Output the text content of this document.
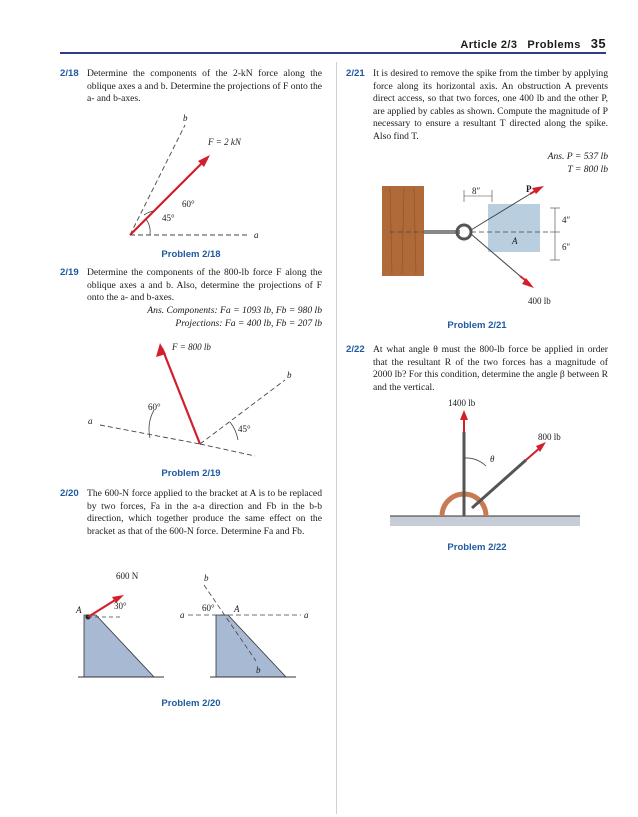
Article 2/3 Problems 35
2/18 Determine the components of the 2-kN force along the oblique axes a and b. Determine the projections of F onto the a- and b-axes.
b
a
F = 2 kN
60°
45°
Problem 2/18
2/19 Determine the components of the 800-lb force F along the oblique axes a and b. Also, determine the projections of F onto the a- and b-axes.
Ans. Components: Fa = 1093 lb, Fb = 980 lb
Projections: Fa = 400 lb, Fb = 207 lb
F = 800 lb
a
b
60°
45°
Problem 2/19
2/20 The 600-N force applied to the bracket at A is to be replaced by two forces, Fa in the a-a direction and Fb in the b-b direction, which together produce the same effect on the bracket as that of the 600-N force. Determine Fa and Fb.
600 N
A	30°
a	a
b
b
60° A
Problem 2/20
2/21 It is desired to remove the spike from the timber by applying force along its horizontal axis. An obstruction A prevents direct access, so that two forces, one 400 lb and the other P, are applied by cables as shown. Compute the magnitude of P necessary to ensure a resultant T directed along the spike. Also find T.
Ans. P = 537 lb
T = 800 lb
8″
4″
6″
P
A
400 lb
Problem 2/21
2/22 At what angle θ must the 800-lb force be applied in order that the resultant R of the two forces has a magnitude of 2000 lb? For this condition, determine the angle β between R and the vertical.
1400 lb
800 lb
θ
Problem 2/22
